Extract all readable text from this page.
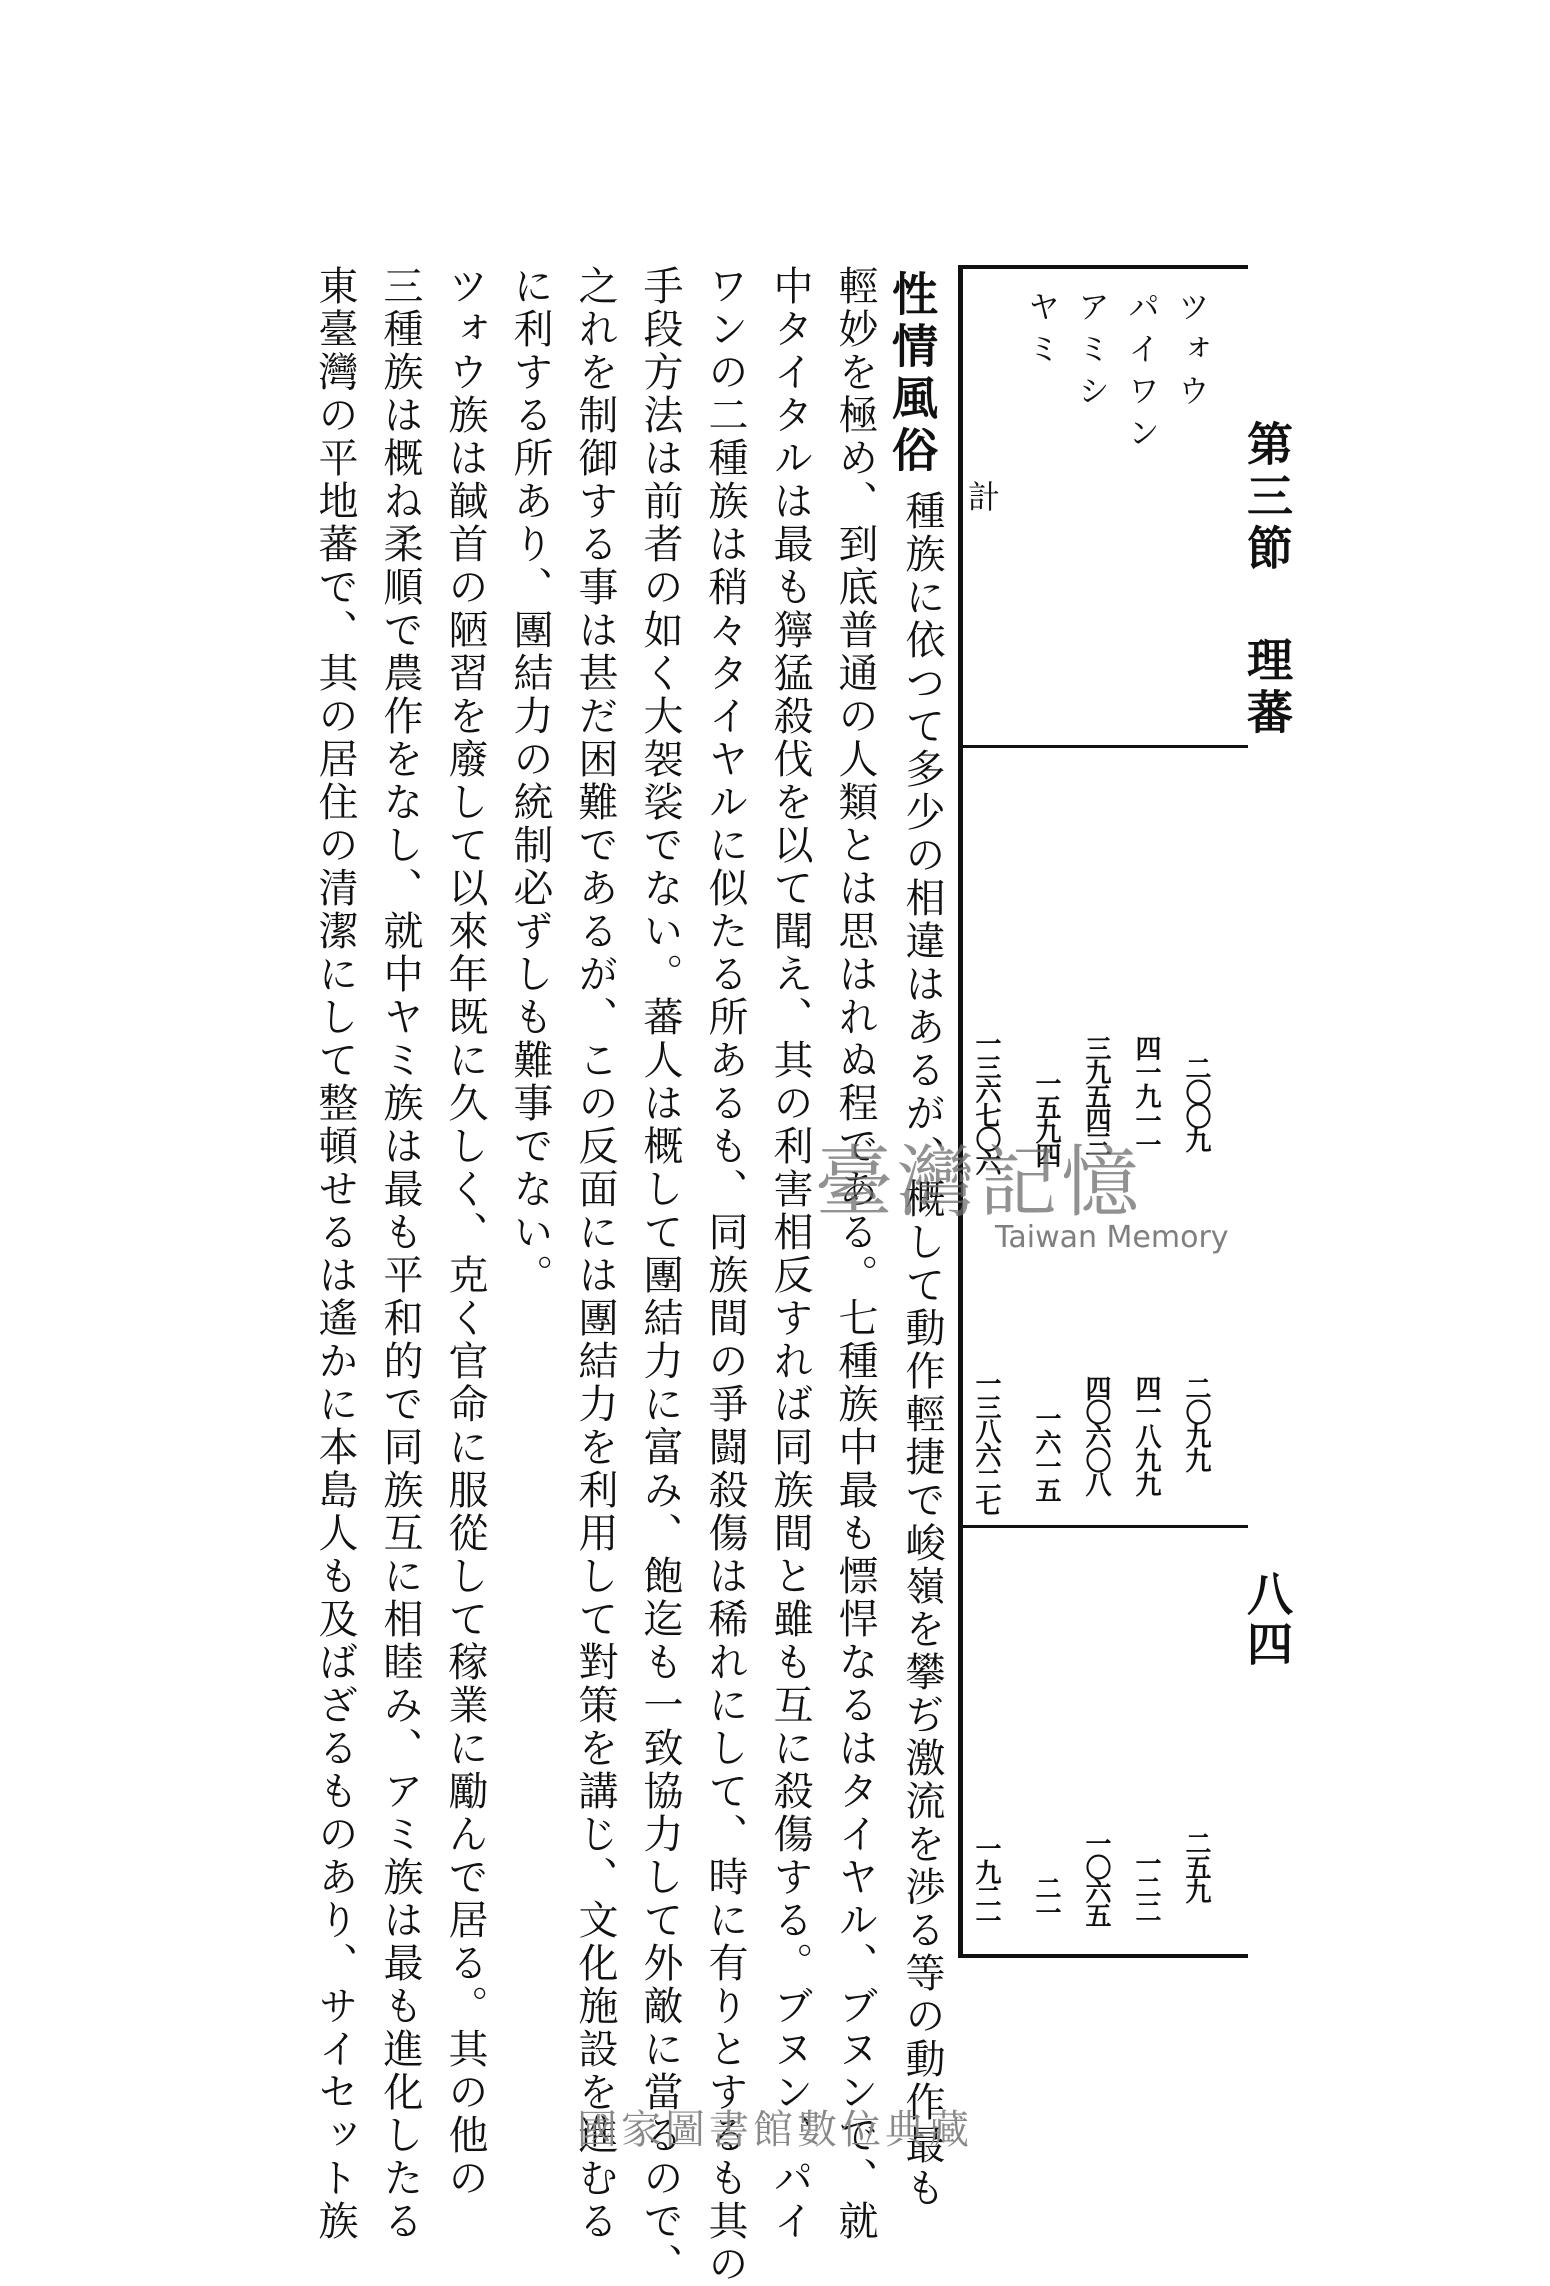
第三節 理蕃
八四
ツォウ
パイワン
アミシ
ヤミ
計
二〇〇九
四一九一一
三九五四三
一五九四
一三六七〇六
二〇九九
四一八九九
四〇六〇八
一六一五
一三八六二七
二五九
一二二
一〇六五
二一
一九二一
性情風俗
種族に依つて多少の相違はあるが、概して動作輕捷で峻嶺を攀ぢ激流を渉る等の動作最も
輕妙を極め、到底普通の人類とは思はれぬ程である。七種族中最も慓悍なるはタイヤル、ブヌンで、就
中タイタルは最も獰猛殺伐を以て聞え、其の利害相反すれば同族間と雖も互に殺傷する。ブヌン、パイ
ワンの二種族は稍々タイヤルに似たる所あるも、同族間の爭闘殺傷は稀れにして、時に有りとするも其の
手段方法は前者の如く大袈裟でない。蕃人は概して團結力に富み、飽迄も一致協力して外敵に當るので、
之れを制御する事は甚だ困難であるが、この反面には團結力を利用して對策を講じ、文化施設を進むる
に利する所あり、團結力の統制必ずしも難事でない。
ツォウ族は馘首の陋習を廢して以來年既に久しく、克く官命に服從して稼業に勵んで居る。其の他の
三種族は概ね柔順で農作をなし、就中ヤミ族は最も平和的で同族互に相睦み、アミ族は最も進化したる
東臺灣の平地蕃で、其の居住の清潔にして整頓せるは遙かに本島人も及ばざるものあり、サイセット族	臺灣記憶
Taiwan Memory
國家圖書館數位典藏
